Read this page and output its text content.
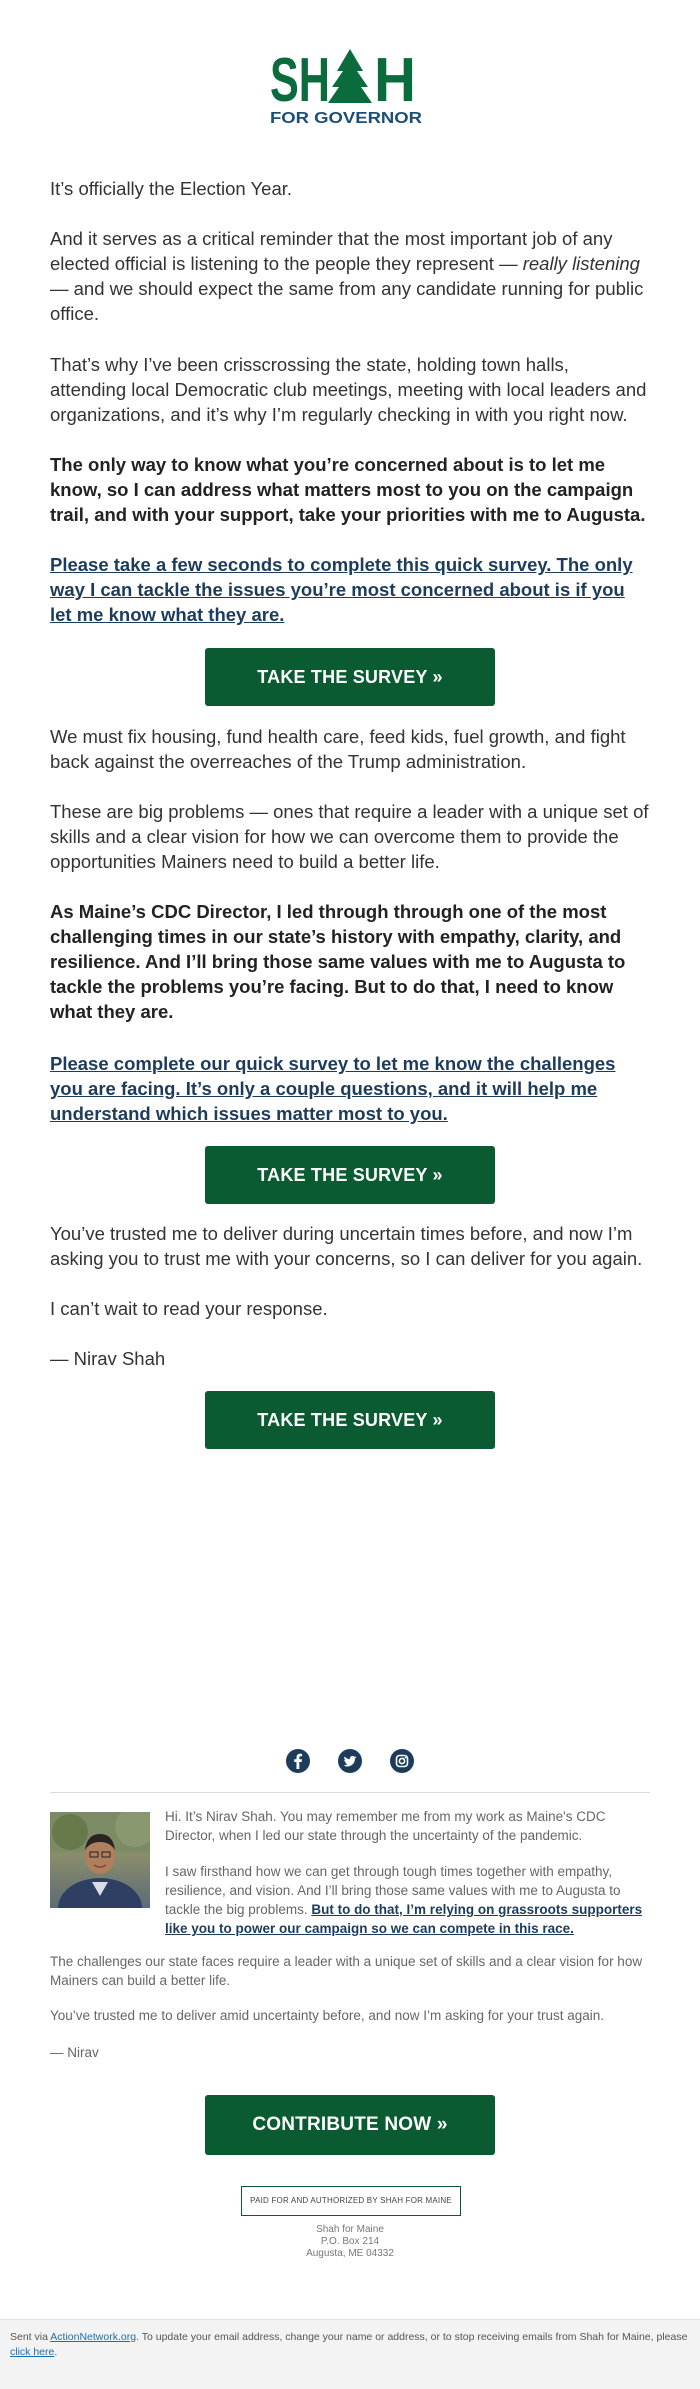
SH H
FOR GOVERNOR

It’s officially the Election Year.

And it serves as a critical reminder that the most important job of any elected official is listening to the people they represent — really listening — and we should expect the same from any candidate running for public office.

That’s why I’ve been crisscrossing the state, holding town halls, attending local Democratic club meetings, meeting with local leaders and organizations, and it’s why I’m regularly checking in with you right now.

The only way to know what you’re concerned about is to let me know, so I can address what matters most to you on the campaign trail, and with your support, take your priorities with me to Augusta.

Please take a few seconds to complete this quick survey. The only way I can tackle the issues you’re most concerned about is if you let me know what they are.
TAKE THE SURVEY »

We must fix housing, fund health care, feed kids, fuel growth, and fight back against the overreaches of the Trump administration.

These are big problems — ones that require a leader with a unique set of skills and a clear vision for how we can overcome them to provide the opportunities Mainers need to build a better life.

As Maine’s CDC Director, I led through through one of the most challenging times in our state’s history with empathy, clarity, and resilience. And I’ll bring those same values with me to Augusta to tackle the problems you’re facing. But to do that, I need to know what they are.

Please complete our quick survey to let me know the challenges you are facing. It’s only a couple questions, and it will help me understand which issues matter most to you.
TAKE THE SURVEY »

You’ve trusted me to deliver during uncertain times before, and now I’m asking you to trust me with your concerns, so I can deliver for you again.

I can’t wait to read your response.

— Nirav Shah

TAKE THE SURVEY »

Hi. It’s Nirav Shah. You may remember me from my work as Maine's CDC Director, when I led our state through the uncertainty of the pandemic.

I saw firsthand how we can get through tough times together with empathy, resilience, and vision. And I’ll bring those same values with me to Augusta to tackle the big problems. But to do that, I’m relying on grassroots supporters like you to power our campaign so we can compete in this race.

The challenges our state faces require a leader with a unique set of skills and a clear vision for how Mainers can build a better life.

You’ve trusted me to deliver amid uncertainty before, and now I’m asking for your trust again.

— Nirav

CONTRIBUTE NOW »
PAID FOR AND AUTHORIZED BY SHAH FOR MAINE
Shah for Maine
P.O. Box 214
Augusta, ME 04332

Sent via ActionNetwork.org. To update your email address, change your name or address, or to stop receiving emails from Shah for Maine, please click here.
